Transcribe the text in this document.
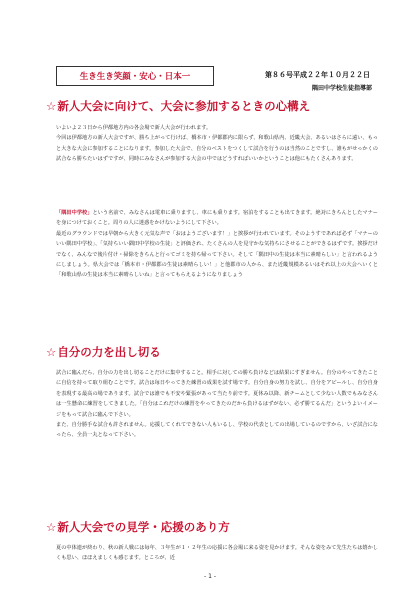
生き生き笑顔・安心・日本一	第８６号平成２２年１０月２２日
隅田中学校生徒指導部
☆新人大会に向けて、大会に参加するときの心構え

いよいよ２３日から伊都地方内の各会場で新人大会が行われます。
今回は伊都地方の新人大会ですが、勝ち上がって行けば、橋本市・伊都郡内に限らず、和歌山県内、近畿大会、あるいはさらに遠い、もっと大きな大会に参加することになります。参加した大会で、自分のベストをつくして試合を行うのは当然のことですし、誰もがせっかくの試合なら勝ちたいはずですが、同時にみなさんが参加する大会の中ではどうすればいいかということは他にもたくさんあります。

「隅田中学校」という名前で、みなさんは電車に乗りますし、車にも乗ります。宿泊をすることも出てきます。絶対にきちんとしたマナーを身につけておくこと。周りの人に迷惑をかけないようにして下さい。
最近のグラウンドでは早朝から大きく元気な声で「おはようございます！」と挨拶が行われています。そのようすであれば必ず「マナーのいい隅田中学校」、「気持ちいい隅田中学校の生徒」と評価され、たくさんの人を見守かな気持ちにさせることができるはずです。挨拶だけでなく、みんなで後片付け・掃除をきちんと行ってゴミを持ち帰って下さい。そして「隅田中の生徒は本当に素晴らしい」と言われるようにしましょう。県大会では「橋本市・伊都郡の生徒は素晴らしい！」と他郡市の人から、また近畿規模あるいはそれ以上の大会へいくと「和歌山県の生徒は本当に素晴らしいね」と言ってもらえるようになりましょう

☆自分の力を出し切る

試合に臨んだら、自分の力を出し切ることだけに集中すること。相手に対しての勝ち負けなどは結果にすぎません。自分のやってきたことに自信を持って取り組むことです。試合は毎日やってきた練習の成果を試す場です。自分自身の努力を試し、自分をアピールし、自分自身を表現する最高の場であります。試合では誰でも不安や緊張があって当たり前です。夏休み以降、新チームとして少ない人数でもみなさんは一生懸命に練習をしてきました。「自分はこれだけの練習をやってきたのだから負けるはずがない、必ず勝てるんだ」というよいイメージをもって試合に臨んで下さい。
また、自分勝手な試合も許されません。応援してくれてできない人もいるし、学校の代表としての出場しているのですから、いざ試合になったら、全員一丸となって下さい。

☆新人大会での見学・応援のあり方

夏の中体連が終わり、秋の新人戦には毎年、３年生が１・２年生の応援に各会場に来る姿を見かけます。そんな姿をみて先生たちは嬉かしくも思い、ほほえましくも感じます。ところが、近

- 1 -
